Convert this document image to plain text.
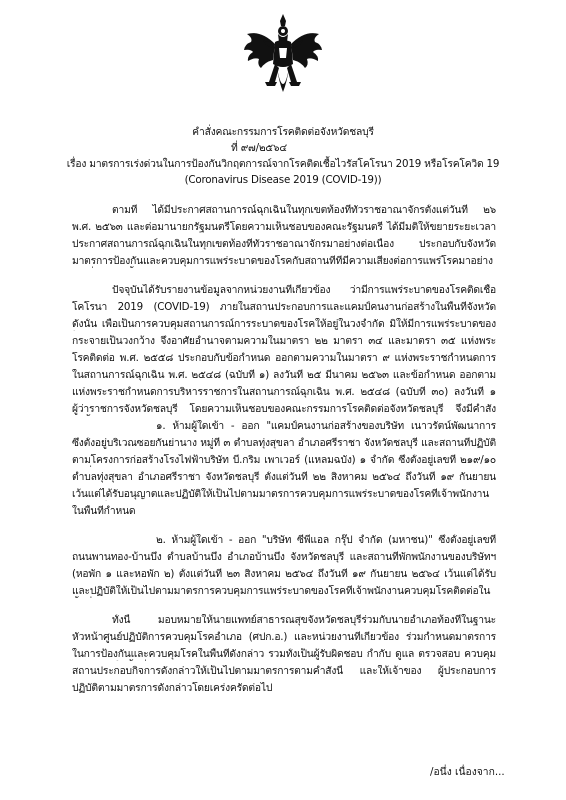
คำสั่งคณะกรรมการโรคติดต่อจังหวัดชลบุรี
ที่ ๙๗/๒๕๖๔
เรื่อง มาตรการเร่งด่วนในการป้องกันวิกฤตการณ์จากโรคติดเชื้อไวรัสโคโรนา 2019 หรือโรคโควิด 19
(Coronavirus Disease 2019 (COVID-19))
ตามที่ ได้มีประกาศสถานการณ์ฉุกเฉินในทุกเขตท้องที่ทั่วราชอาณาจักรตั้งแต่วันที่ ๒๖
พ.ศ. ๒๕๖๓ และต่อมานายกรัฐมนตรีโดยความเห็นชอบของคณะรัฐมนตรี ได้มีมติให้ขยายระยะเวลา
ประกาศสถานการณ์ฉุกเฉินในทุกเขตท้องที่ทั่วราชอาณาจักรมาอย่างต่อเนื่อง ประกอบกับจังหวัด
มาตรการป้องกันและควบคุมการแพร่ระบาดของโรคกับสถานที่ที่มีความเสี่ยงต่อการแพร่โรคมาอย่าง
ปัจจุบันได้รับรายงานข้อมูลจากหน่วยงานที่เกี่ยวข้อง ว่ามีการแพร่ระบาดของโรคติดเชื้อ
โคโรนา 2019 (COVID-19) ภายในสถานประกอบการและแคมป์คนงานก่อสร้างในพื้นที่จังหวัด
ดังนั้น เพื่อเป็นการควบคุมสถานการณ์การระบาดของโรคให้อยู่ในวงจำกัด มิให้มีการแพร่ระบาดของ
กระจายเป็นวงกว้าง จึงอาศัยอำนาจตามความในมาตรา ๒๒ มาตรา ๓๔ และมาตรา ๓๕ แห่งพระ
โรคติดต่อ พ.ศ. ๒๕๕๘ ประกอบกับข้อกำหนด ออกตามความในมาตรา ๙ แห่งพระราชกำหนดการ
ในสถานการณ์ฉุกเฉิน พ.ศ. ๒๕๔๘ (ฉบับที่ ๑) ลงวันที่ ๒๕ มีนาคม ๒๕๖๓ และข้อกำหนด ออกตาม
แห่งพระราชกำหนดการบริหารราชการในสถานการณ์ฉุกเฉิน พ.ศ. ๒๕๔๘ (ฉบับที่ ๓๐) ลงวันที่ ๑
ผู้ว่าราชการจังหวัดชลบุรี โดยความเห็นชอบของคณะกรรมการโรคติดต่อจังหวัดชลบุรี จึงมีคำสั่ง
๑. ห้ามผู้ใดเข้า - ออก "แคมป์คนงานก่อสร้างของบริษัท เนาวรัตน์พัฒนาการ
ซึ่งตั้งอยู่บริเวณซอยกันย่านาง หมู่ที่ ๓ ตำบลทุ่งสุขลา อำเภอศรีราชา จังหวัดชลบุรี และสถานที่ปฏิบัติ
ตามโครงการก่อสร้างโรงไฟฟ้าบริษัท บี.กริม เพาเวอร์ (แหลมฉบัง) ๑ จำกัด ซึ่งตั้งอยู่เลขที่ ๒๑๙/๑๐
ตำบลทุ่งสุขลา อำเภอศรีราชา จังหวัดชลบุรี ตั้งแต่วันที่ ๒๒ สิงหาคม ๒๕๖๔ ถึงวันที่ ๑๙ กันยายน
เว้นแต่ได้รับอนุญาตและปฏิบัติให้เป็นไปตามมาตรการควบคุมการแพร่ระบาดของโรคที่เจ้าพนักงาน
ในพื้นที่กำหนด
๒. ห้ามผู้ใดเข้า - ออก "บริษัท ซีพีแอล กรุ๊ป จำกัด (มหาชน)" ซึ่งตั้งอยู่เลขที่
ถนนพานทอง-บ้านบึง ตำบลบ้านบึง อำเภอบ้านบึง จังหวัดชลบุรี และสถานที่พักพนักงานของบริษัทฯ
(หอพัก ๑ และหอพัก ๒) ตั้งแต่วันที่ ๒๓ สิงหาคม ๒๕๖๔ ถึงวันที่ ๑๙ กันยายน ๒๕๖๔ เว้นแต่ได้รับ
และปฏิบัติให้เป็นไปตามมาตรการควบคุมการแพร่ระบาดของโรคที่เจ้าพนักงานควบคุมโรคติดต่อใน
ทั้งนี้ มอบหมายให้นายแพทย์สาธารณสุขจังหวัดชลบุรีร่วมกับนายอำเภอท้องที่ในฐานะ
หัวหน้าศูนย์ปฏิบัติการควบคุมโรคอำเภอ (ศปก.อ.) และหน่วยงานที่เกี่ยวข้อง ร่วมกำหนดมาตรการ
ในการป้องกันและควบคุมโรคในพื้นที่ดังกล่าว รวมทั้งเป็นผู้รับผิดชอบ กำกับ ดูแล ตรวจสอบ ควบคุม
สถานประกอบกิจการดังกล่าวให้เป็นไปตามมาตรการตามคำสั่งนี้ และให้เจ้าของ ผู้ประกอบการ
ปฏิบัติตามมาตรการดังกล่าวโดยเคร่งครัดต่อไป
/อนึ่ง เนื่องจาก...
